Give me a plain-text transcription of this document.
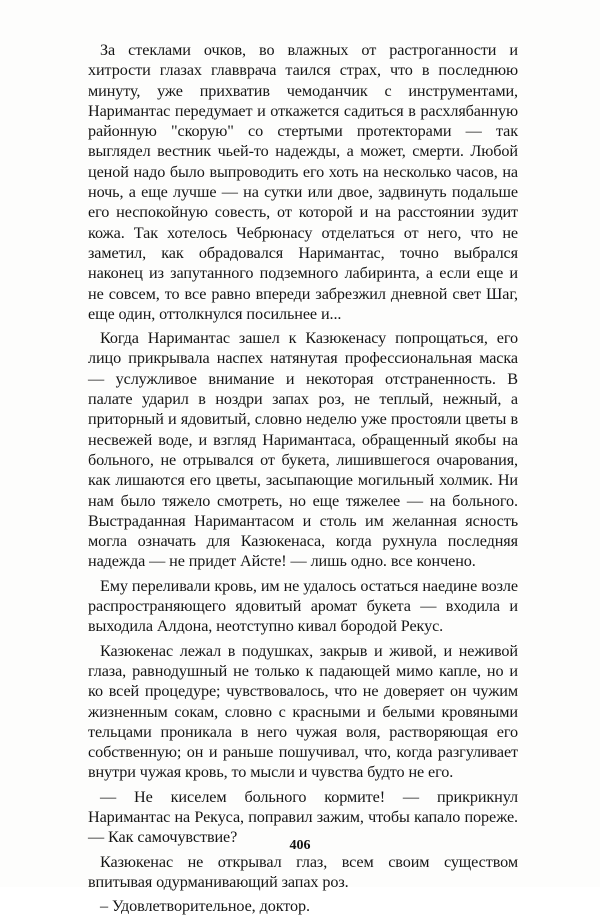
За стеклами очков, во влажных от растроганности и хитрости глазах главврача таился страх, что в последнюю минуту, уже прихватив чемоданчик с инструментами, Наримантас передумает и откажется садиться в расхлябанную районную "скорую" со стертыми протекторами — так выглядел вестник чьей-то надежды, а может, смерти. Любой ценой надо было выпроводить его хоть на несколько часов, на ночь, а еще лучше — на сутки или двое, задвинуть подальше его неспокойную совесть, от которой и на расстоянии зудит кожа. Так хотелось Чебрюнасу отделаться от него, что не заметил, как обрадовался Наримантас, точно выбрался наконец из запутанного подземного лабиринта, а если еще и не совсем, то все равно впереди забрезжил дневной свет Шаг, еще один, оттолкнулся посильнее и...

Когда Наримантас зашел к Казюкенасу попрощаться, его лицо прикрывала наспех натянутая профессиональная маска — услужливое внимание и некоторая отстраненность. В палате ударил в ноздри запах роз, не теплый, нежный, а приторный и ядовитый, словно неделю уже простояли цветы в несвежей воде, и взгляд Наримантаса, обращенный якобы на больного, не отрывался от букета, лишившегося очарования, как лишаются его цветы, засыпающие могильный холмик. Ни нам было тяжело смотреть, но еще тяжелее — на больного. Выстраданная Наримантасом и столь им желанная ясность могла означать для Казюкенаса, когда рухнула последняя надежда — не придет Айсте! — лишь одно. все кончено.

Ему переливали кровь, им не удалось остаться наедине возле распространяющего ядовитый аромат букета — входила и выходила Алдона, неотступно кивал бородой Рекус.

Казюкенас лежал в подушках, закрыв и живой, и неживой глаза, равнодушный не только к падающей мимо капле, но и ко всей процедуре; чувствовалось, что не доверяет он чужим жизненным сокам, словно с красными и белыми кровяными тельцами проникала в него чужая воля, растворяющая его собственную; он и раньше пошучивал, что, когда разгуливает внутри чужая кровь, то мысли и чувства будто не его.

— Не киселем больного кормите! — прикрикнул Наримантас на Рекуса, поправил зажим, чтобы капало пореже. — Как самочувствие?

Казюкенас не открывал глаз, всем своим существом впитывая одурманивающий запах роз.

– Удовлетворительное, доктор.

406
